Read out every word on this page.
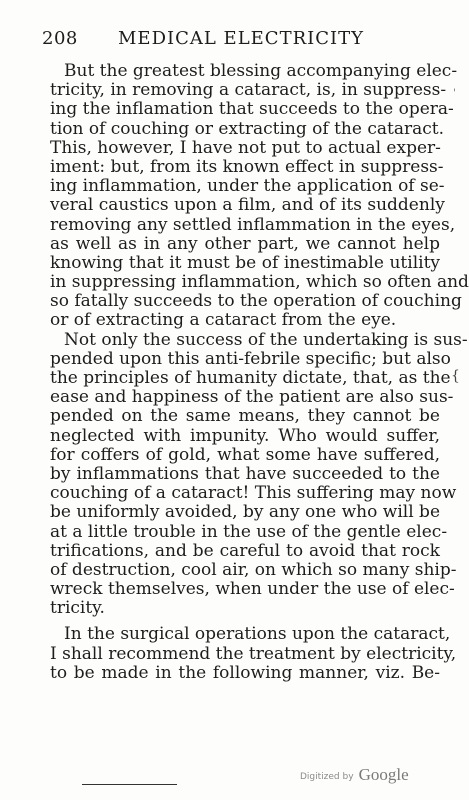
208 MEDICAL ELECTRICITY
But the greatest blessing accompanying elec-
tricity, in removing a cataract, is, in suppress-
ing the inflamation that succeeds to the opera-
tion of couching or extracting of the cataract.
This, however, I have not put to actual exper-
iment: but, from its known effect in suppress-
ing inflammation, under the application of se-
veral caustics upon a film, and of its suddenly
removing any settled inflammation in the eyes,
as well as in any other part, we cannot help
knowing that it must be of inestimable utility
in suppressing inflammation, which so often and
so fatally succeeds to the operation of couching
or of extracting a cataract from the eye.
Not only the success of the undertaking is sus-
pended upon this anti-febrile specific; but also
the principles of humanity dictate, that, as the
ease and happiness of the patient are also sus-
pended on the same means, they cannot be
neglected with impunity. Who would suffer,
for coffers of gold, what some have suffered,
by inflammations that have succeeded to the
couching of a cataract! This suffering may now
be uniformly avoided, by any one who will be
at a little trouble in the use of the gentle elec-
trifications, and be careful to avoid that rock
of destruction, cool air, on which so many ship-
wreck themselves, when under the use of elec-
tricity.
In the surgical operations upon the cataract,
I shall recommend the treatment by electricity,
to be made in the following manner, viz. Be-
'
{
Digitized by Google
